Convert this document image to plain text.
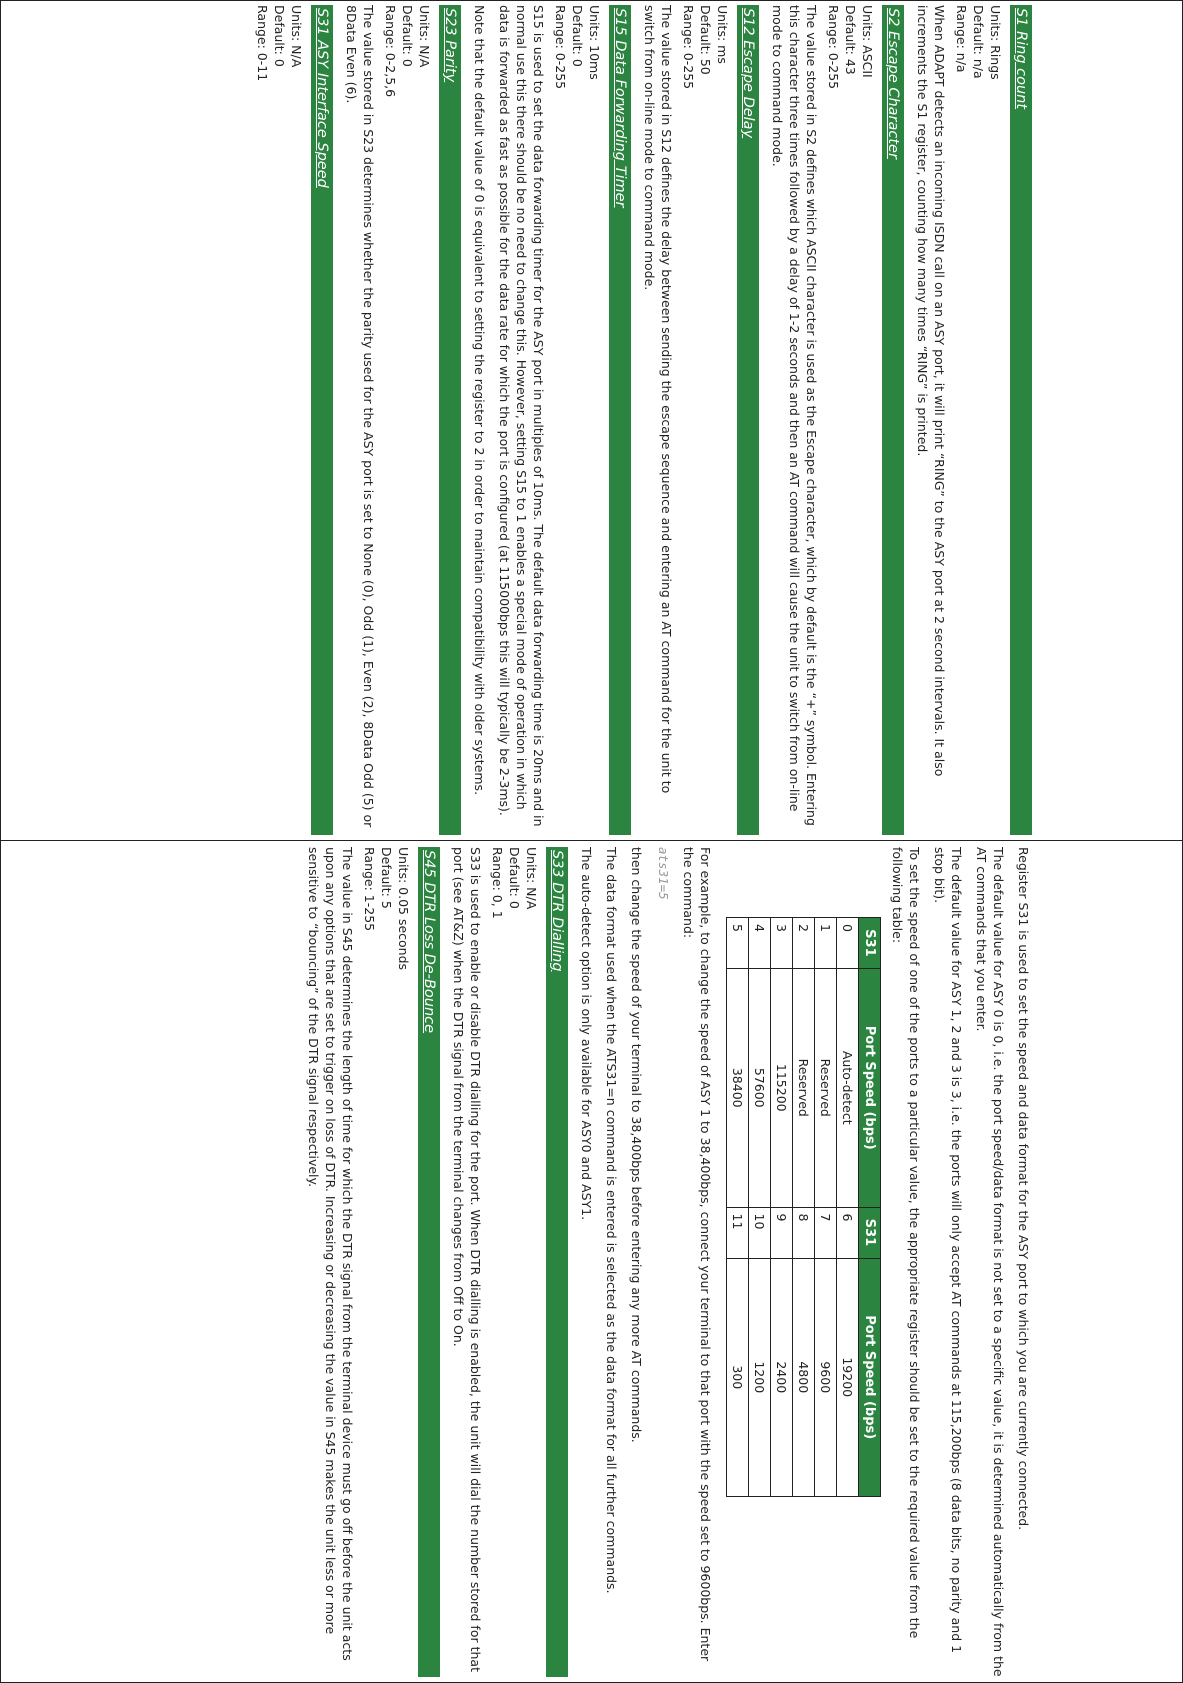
S1 Ring count
Units: Rings
Default: n/a
Range: n/a

When ADAPT detects an incoming ISDN call on an ASY port, it will print “RING” to the ASY port at 2 second intervals. It also increments the S1 register, counting how many times “RING” is printed.

S2 Escape Character
Units: ASCII
Default: 43
Range: 0-255

The value stored in S2 defines which ASCII character is used as the Escape character, which by default is the “+” symbol. Entering this character three times followed by a delay of 1-2 seconds and then an AT command will cause the unit to switch from on-line mode to command mode.

S12 Escape Delay
Units: ms
Default: 50
Range: 0-255

The value stored in S12 defines the delay between sending the escape sequence and entering an AT command for the unit to switch from on-line mode to command mode.

S15 Data Forwarding Timer
Units: 10ms
Default: 0
Range: 0-255

S15 is used to set the data forwarding timer for the ASY port in multiples of 10ms. The default data forwarding time is 20ms and in normal use this there should be no need to change this. However, setting S15 to 1 enables a special mode of operation in which data is forwarded as fast as possible for the data rate for which the port is configured (at 115000bps this will typically be 2-3ms).

Note that the default value of 0 is equivalent to setting the register to 2 in order to maintain compatibility with older systems.

S23 Parity
Units: N/A
Default: 0
Range: 0-2,5,6

The value stored in S23 determines whether the parity used for the ASY port is set to None (0), Odd (1), Even (2), 8Data Odd (5) or 8Data Even (6).

S31 ASY Interface Speed
Units: N/A
Default: 0
Range: 0-11

Register S31 is used to set the speed and data format for the ASY port to which you are currently connected.

The default value for ASY 0 is 0, i.e. the port speed/data format is not set to a specific value, it is determined automatically from the AT commands that you enter.

The default value for ASY 1, 2 and 3 is 3, i.e. the ports will only accept AT commands at 115,200bps (8 data bits, no parity and 1 stop bit).

To set the speed of one of the ports to a particular value, the appropriate register should be set to the required value from the following table:

S31	Port Speed (bps)	S31	Port Speed (bps)
0	Auto-detect	6	19200
1	Reserved	7	9600
2	Reserved	8	4800
3	115200	9	2400
4	57600	10	1200
5	38400	11	300

For example, to change the speed of ASY 1 to 38,400bps, connect your terminal to that port with the speed set to 9600bps. Enter the command:

ats31=5

then change the speed of your terminal to 38,400bps before entering any more AT commands.

The data format used when the ATS31=n command is entered is selected as the data format for all further commands.

The auto-detect option is only available for ASY0 and ASY1.

S33 DTR Dialling
Units: N/A
Default: 0
Range: 0, 1

S33 is used to enable or disable DTR dialling for the port. When DTR dialling is enabled, the unit will dial the number stored for that port (see AT&Z) when the DTR signal from the terminal changes from Off to On.

S45 DTR Loss De-Bounce
Units: 0.05 seconds
Default: 5
Range: 1-255

The value in S45 determines the length of time for which the DTR signal from the terminal device must go off before the unit acts upon any options that are set to trigger on loss of DTR. Increasing or decreasing the value in S45 makes the unit less or more sensitive to “bouncing” of the DTR signal respectively.
